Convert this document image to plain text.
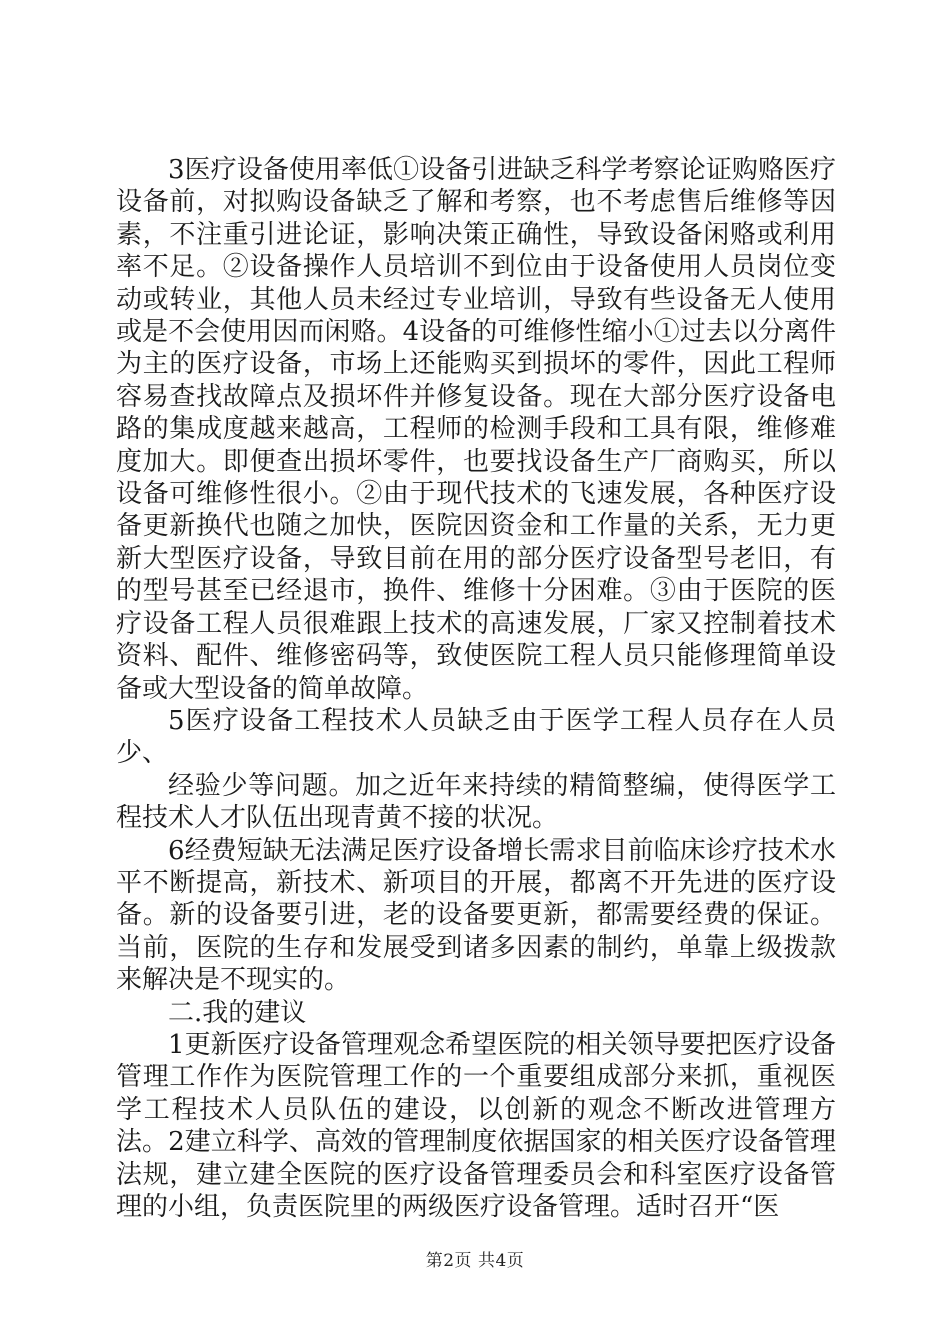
3医疗设备使用率低①设备引进缺乏科学考察论证购赂医疗设备前，对拟购设备缺乏了解和考察，也不考虑售后维修等因素，不注重引进论证，影响决策正确性，导致设备闲赂或利用率不足。②设备操作人员培训不到位由于设备使用人员岗位变动或转业，其他人员未经过专业培训，导致有些设备无人使用或是不会使用因而闲赂。4设备的可维修性缩小①过去以分离件为主的医疗设备，市场上还能购买到损坏的零件，因此工程师容易查找故障点及损坏件并修复设备。现在大部分医疗设备电路的集成度越来越高，工程师的检测手段和工具有限，维修难度加大。即便查出损坏零件，也要找设备生产厂商购买，所以设备可维修性很小。②由于现代技术的飞速发展，各种医疗设备更新换代也随之加快，医院因资金和工作量的关系，无力更新大型医疗设备，导致目前在用的部分医疗设备型号老旧，有的型号甚至已经退市，换件、维修十分困难。③由于医院的医疗设备工程人员很难跟上技术的高速发展，厂家又控制着技术资料、配件、维修密码等，致使医院工程人员只能修理简单设备或大型设备的简单故障。

5医疗设备工程技术人员缺乏由于医学工程人员存在人员少、

经验少等问题。加之近年来持续的精简整编，使得医学工程技术人才队伍出现青黄不接的状况。

6经费短缺无法满足医疗设备增长需求目前临床诊疗技术水平不断提高，新技术、新项目的开展，都离不开先进的医疗设备。新的设备要引进，老的设备要更新，都需要经费的保证。当前，医院的生存和发展受到诸多因素的制约，单靠上级拨款来解决是不现实的。

二.我的建议

1更新医疗设备管理观念希望医院的相关领导要把医疗设备管理工作作为医院管理工作的一个重要组成部分来抓，重视医学工程技术人员队伍的建设，以创新的观念不断改进管理方法。2建立科学、高效的管理制度依据国家的相关医疗设备管理法规，建立建全医院的医疗设备管理委员会和科室医疗设备管理的小组，负责医院里的两级医疗设备管理。适时召开“医

第2页 共4页
